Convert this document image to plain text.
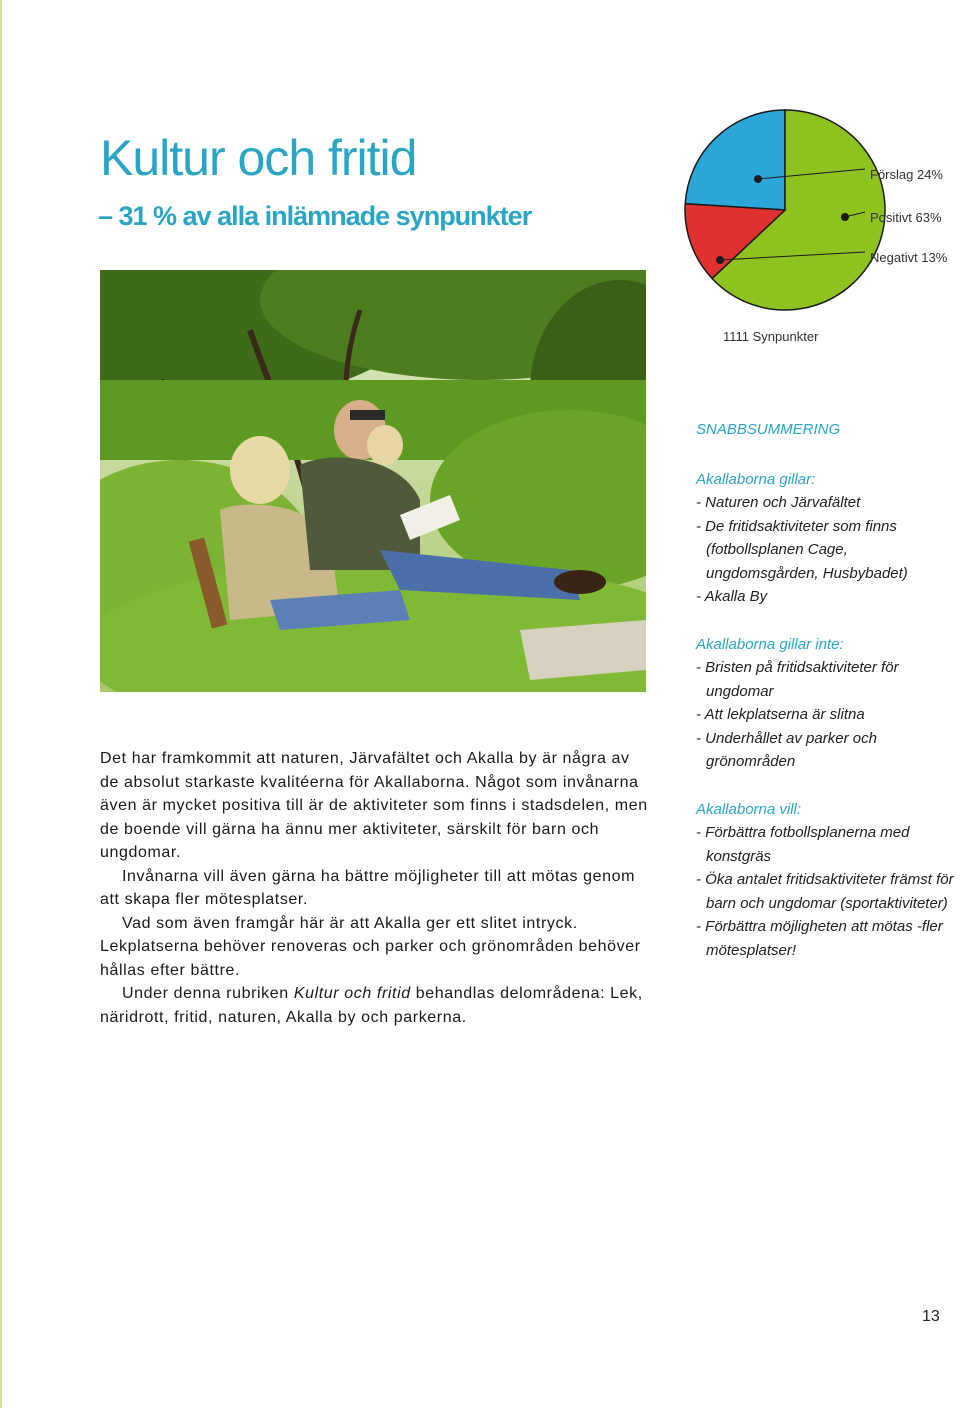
Kultur och fritid
– 31 % av alla inlämnade synpunkter
Förslag 24%
Positivt 63%
Negativt 13%
1111 Synpunkter

Det har framkommit att naturen, Järvafältet och Akalla by är några av de absolut starkaste kvalitéerna för Akallaborna. Något som invånarna även är mycket positiva till är de aktiviteter som finns i stadsdelen, men de boende vill gärna ha ännu mer aktiviteter, särskilt för barn och ungdomar.

Invånarna vill även gärna ha bättre möjligheter till att mötas genom att skapa fler mötesplatser.

Vad som även framgår här är att Akalla ger ett slitet intryck. Lekplatserna behöver renoveras och parker och grönområden behöver hållas efter bättre.

Under denna rubriken Kultur och fritid behandlas delområdena: Lek, näridrott, fritid, naturen, Akalla by och parkerna.

SNABBSUMMERING

Akallaborna gillar:

- Naturen och Järvafältet
- De fritidsaktiviteter som finns (fotbollsplanen Cage, ungdomsgården, Husbybadet)
- Akalla By

Akallaborna gillar inte:

- Bristen på fritidsaktiviteter för ungdomar
- Att lekplatserna är slitna
- Underhållet av parker och grönområden

Akallaborna vill:

- Förbättra fotbollsplanerna med konstgräs
- Öka antalet fritidsaktiviteter främst för barn och ungdomar (sportaktiviteter)
- Förbättra möjligheten att mötas -fler mötesplatser!
13
